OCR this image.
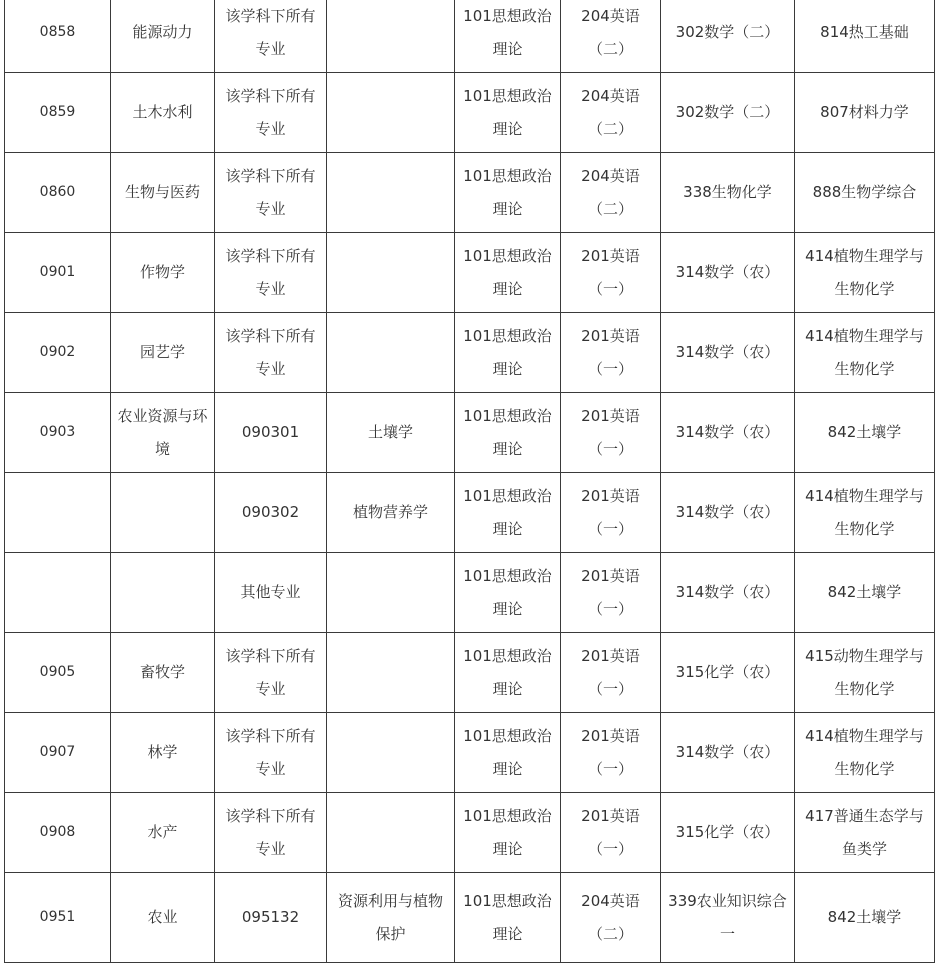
0858	能源动力	该学科下所有专业		101思想政治理论	204英语（二）	302数学（二）	814热工基础
0859	土木水利	该学科下所有专业		101思想政治理论	204英语（二）	302数学（二）	807材料力学
0860	生物与医药	该学科下所有专业		101思想政治理论	204英语（二）	338生物化学	888生物学综合
0901	作物学	该学科下所有专业		101思想政治理论	201英语（一）	314数学（农）	414植物生理学与生物化学
0902	园艺学	该学科下所有专业		101思想政治理论	201英语（一）	314数学（农）	414植物生理学与生物化学
0903	农业资源与环境	090301	土壤学	101思想政治理论	201英语（一）	314数学（农）	842土壤学
		090302	植物营养学	101思想政治理论	201英语（一）	314数学（农）	414植物生理学与生物化学
		其他专业		101思想政治理论	201英语（一）	314数学（农）	842土壤学
0905	畜牧学	该学科下所有专业		101思想政治理论	201英语（一）	315化学（农）	415动物生理学与生物化学
0907	林学	该学科下所有专业		101思想政治理论	201英语（一）	314数学（农）	414植物生理学与生物化学
0908	水产	该学科下所有专业		101思想政治理论	201英语（一）	315化学（农）	417普通生态学与鱼类学
0951	农业	095132	资源利用与植物保护	101思想政治理论	204英语（二）	339农业知识综合一	842土壤学
